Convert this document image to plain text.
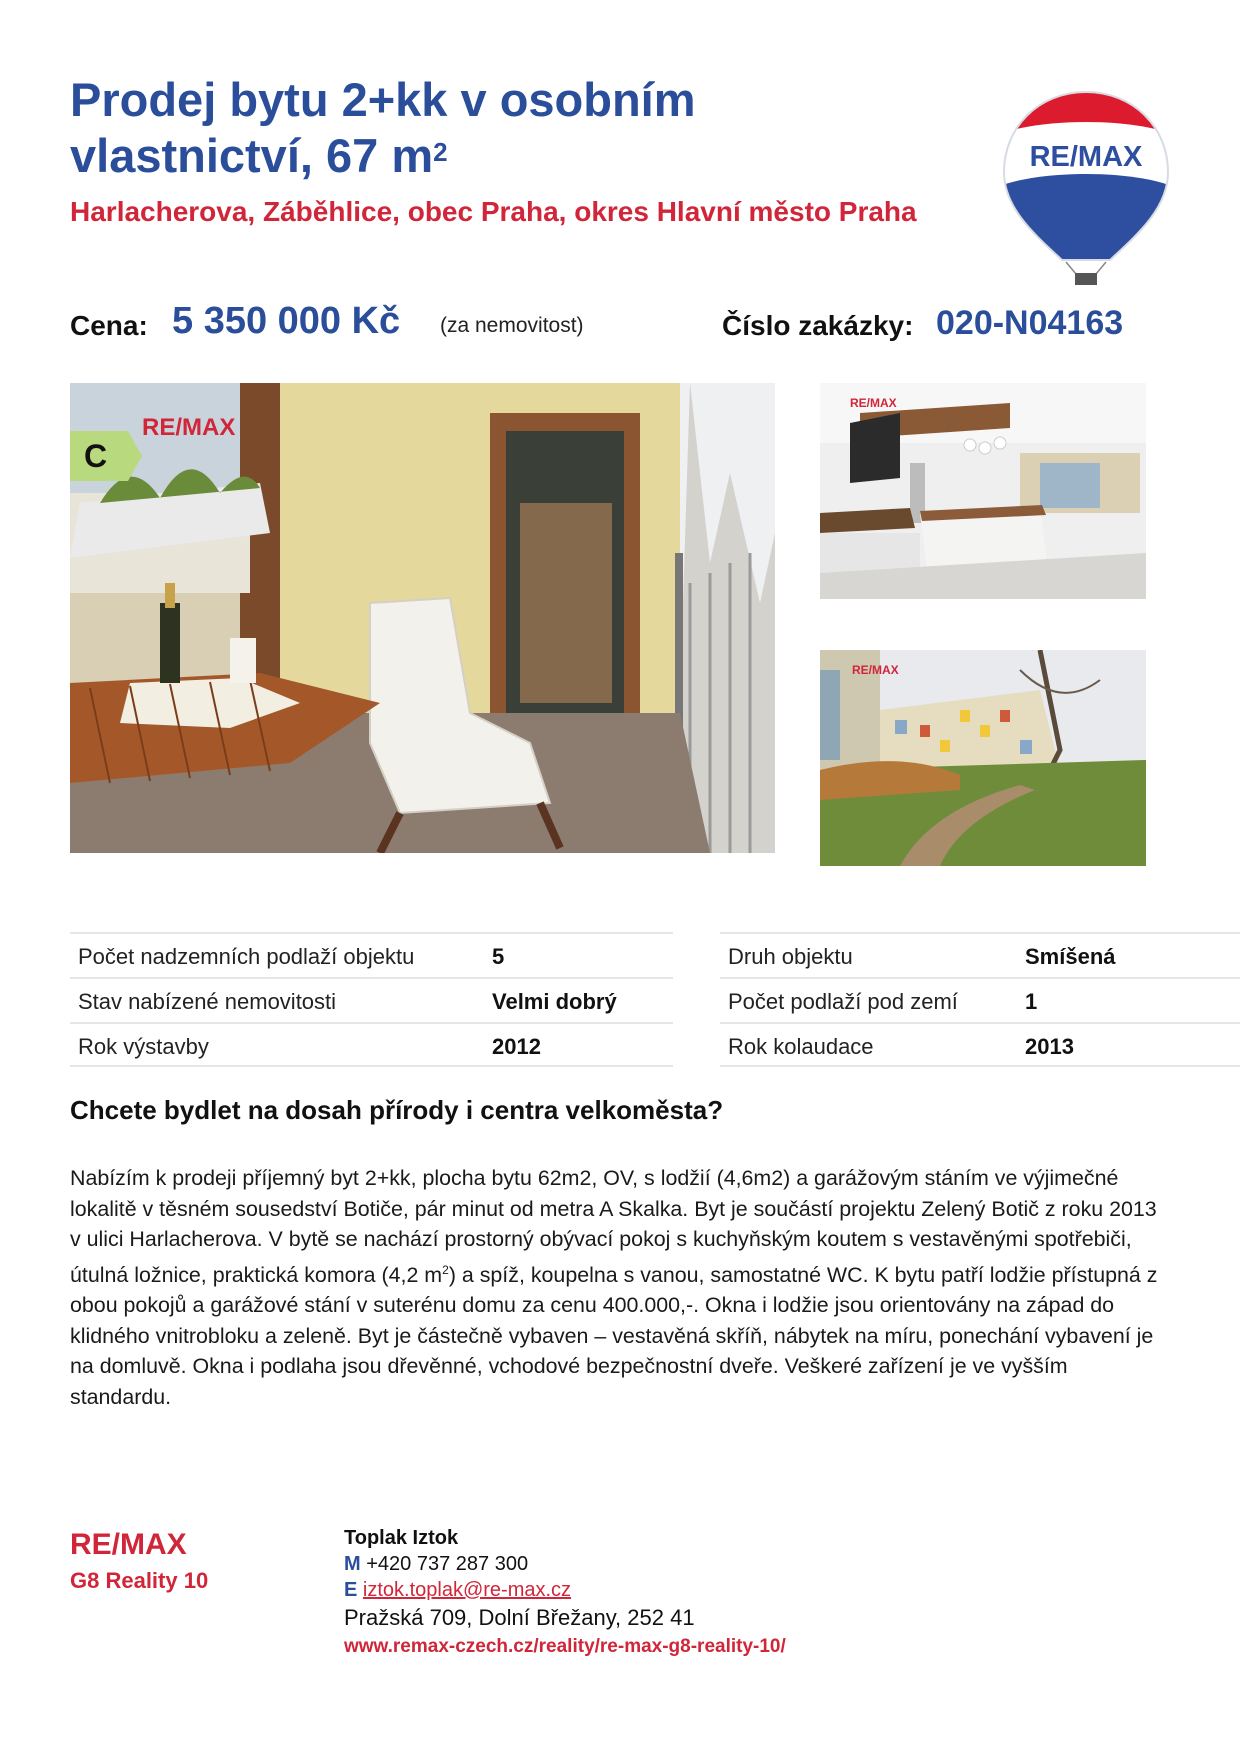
Prodej bytu 2+kk v osobním
vlastnictví, 67 $m^2$
Harlacherova, Záběhlice, obec Praha, okres Hlavní město Praha
RE/MAX
Cena: 5 350 000 Kč (za nemovitost)	Číslo zakázky: 020-N04163
RE/MAX
C
RE/MAX
RE/MAX
Počet nadzemních podlaží objektu	5
Stav nabízené nemovitosti	Velmi dobrý
Rok výstavby	2012
Druh objektu	Smíšená
Počet podlaží pod zemí	1
Rok kolaudace	2013
Chcete bydlet na dosah přírody i centra velkoměsta?

Nabízím k prodeji příjemný byt 2+kk, plocha bytu 62m2, OV, s lodžií (4,6m2) a garážovým stáním ve výjimečné lokalitě v těsném sousedství Botiče, pár minut od metra A Skalka. Byt je součástí projektu Zelený Botič z roku 2013 v ulici Harlacherova. V bytě se nachází prostorný obývací pokoj s kuchyňským koutem s vestavěnými spotřebiči, útulná ložnice, praktická komora (4,2 $m^2$) a spíž, koupelna s vanou, samostatné WC. K bytu patří lodžie přístupná z obou pokojů a garážové stání v suterénu domu za cenu 400.000,-. Okna i lodžie jsou orientovány na západ do klidného vnitrobloku a zeleně. Byt je částečně vybaven – vestavěná skříň, nábytek na míru, ponechání vybavení je na domluvě. Okna i podlaha jsou dřevěnné, vchodové bezpečnostní dveře. Veškeré zařízení je ve vyšším standardu.

RE/MAX
G8 Reality 10
Toplak Iztok
M +420 737 287 300
E iztok.toplak@re-max.cz
Pražská 709, Dolní Břežany, 252 41
www.remax-czech.cz/reality/re-max-g8-reality-10/
